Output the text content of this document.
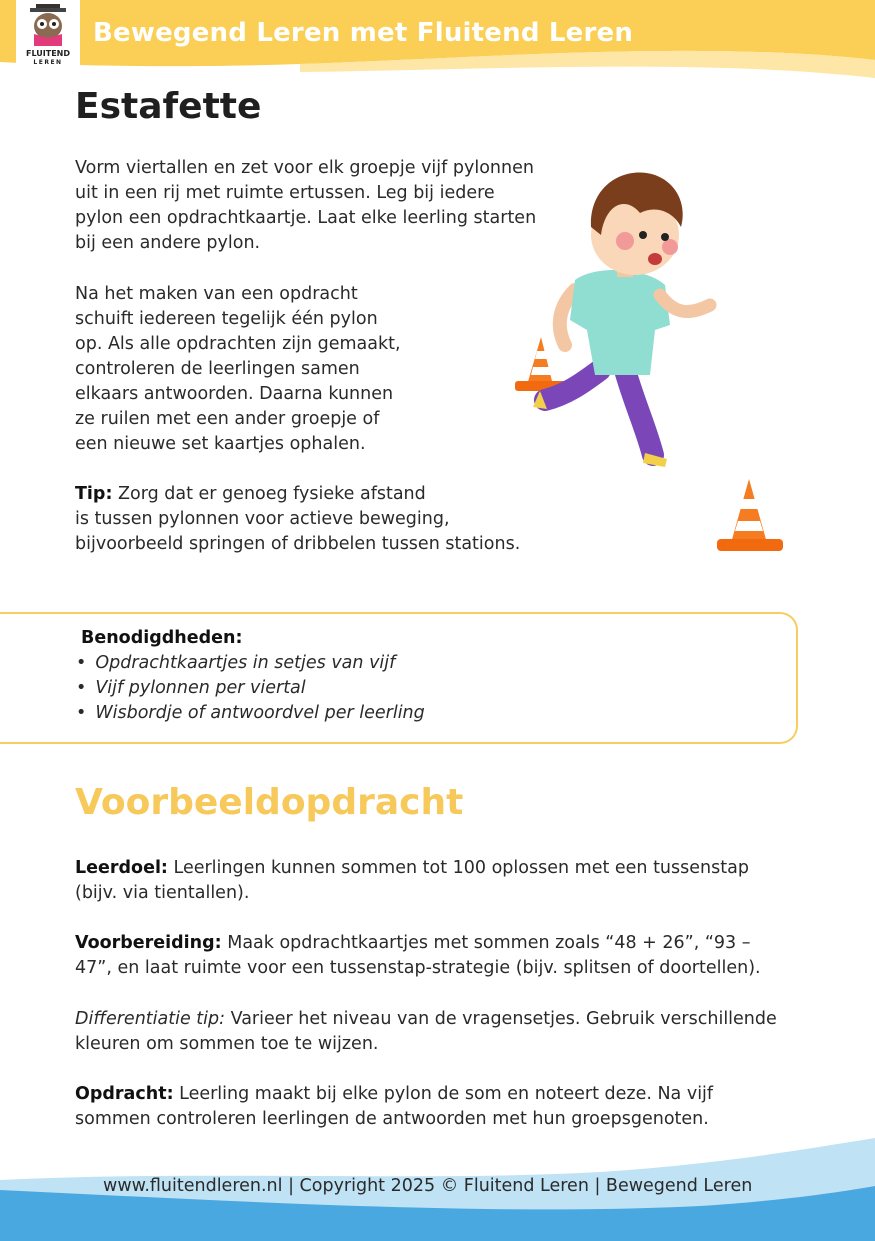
FLUITEND
LEREN
Bewegend Leren met Fluitend Leren
Estafette

Vorm viertallen en zet voor elk groepje vijf pylonnen
uit in een rij met ruimte ertussen. Leg bij iedere
pylon een opdrachtkaartje. Laat elke leerling starten
bij een andere pylon.

Na het maken van een opdracht
schuift iedereen tegelijk één pylon
op. Als alle opdrachten zijn gemaakt,
controleren de leerlingen samen
elkaars antwoorden. Daarna kunnen
ze ruilen met een ander groepje of
een nieuwe set kaartjes ophalen.

Tip: Zorg dat er genoeg fysieke afstand
is tussen pylonnen voor actieve beweging,
bijvoorbeeld springen of dribbelen tussen stations.

Benodigdheden:
• Opdrachtkaartjes in setjes van vijf
• Vijf pylonnen per viertal
• Wisbordje of antwoordvel per leerling
Voorbeeldopdracht

Leerdoel: Leerlingen kunnen sommen tot 100 oplossen met een tussenstap
(bijv. via tientallen).

Voorbereiding: Maak opdrachtkaartjes met sommen zoals “48 + 26”, “93 –
47”, en laat ruimte voor een tussenstap-strategie (bijv. splitsen of doortellen).

Differentiatie tip: Varieer het niveau van de vragensetjes. Gebruik verschillende
kleuren om sommen toe te wijzen.

Opdracht: Leerling maakt bij elke pylon de som en noteert deze. Na vijf
sommen controleren leerlingen de antwoorden met hun groepsgenoten.

www.fluitendleren.nl | Copyright 2025 © Fluitend Leren | Bewegend Leren
